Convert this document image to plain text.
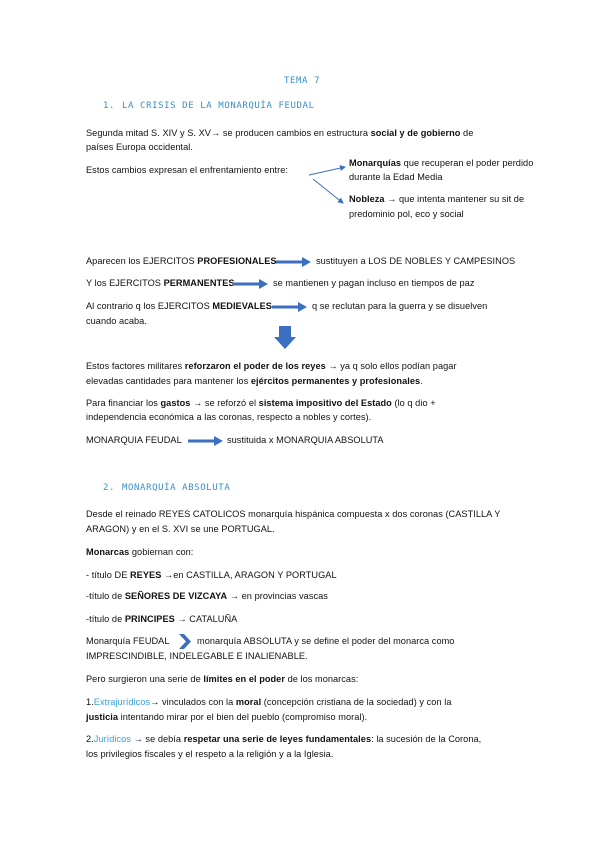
TEMA 7
1. LA CRISIS DE LA MONARQUÍA FEUDAL
Segunda mitad S. XIV y S. XV→ se producen cambios en estructura social y de gobierno de
países Europa occidental.
Estos cambios expresan el enfrentamiento entre:
Monarquías que recuperan el poder perdido
durante la Edad Media
Nobleza → que intenta mantener su sit de
predominio pol, eco y social
Aparecen los EJERCITOS PROFESIONALES	sustituyen a LOS DE NOBLES Y CAMPESINOS
Y los EJERCITOS PERMANENTES	se mantienen y pagan incluso en tiempos de paz
Al contrario q los EJERCITOS MEDIEVALES	q se reclutan para la guerra y se disuelven
cuando acaba.
Estos factores militares reforzaron el poder de los reyes → ya q solo ellos podían pagar
elevadas cantidades para mantener los ejércitos permanentes y profesionales.
Para financiar los gastos → se reforzó el sistema impositivo del Estado (lo q dio +
independencia económica a las coronas, respecto a nobles y cortes).
MONARQUIA FEUDAL	sustituida x MONARQUIA ABSOLUTA
2. MONARQUÍA ABSOLUTA
Desde el reinado REYES CATOLICOS monarquía hispánica compuesta x dos coronas (CASTILLA Y
ARAGON) y en el S. XVI se une PORTUGAL.
Monarcas gobiernan con:
- título DE REYES →en CASTILLA, ARAGON Y PORTUGAL
-título de SEÑORES DE VIZCAYA → en provincias vascas
-título de PRINCIPES → CATALUÑA
Monarquía FEUDAL	monarquía ABSOLUTA y se define el poder del monarca como
IMPRESCINDIBLE, INDELEGABLE E INALIENABLE.
Pero surgieron una serie de límites en el poder de los monarcas:
1.Extrajurídicos→ vinculados con la moral (concepción cristiana de la sociedad) y con la
justicia intentando mirar por el bien del pueblo (compromiso moral).
2.Jurídicos → se debía respetar una serie de leyes fundamentales: la sucesión de la Corona,
los privilegios fiscales y el respeto a la religión y a la Iglesia.
